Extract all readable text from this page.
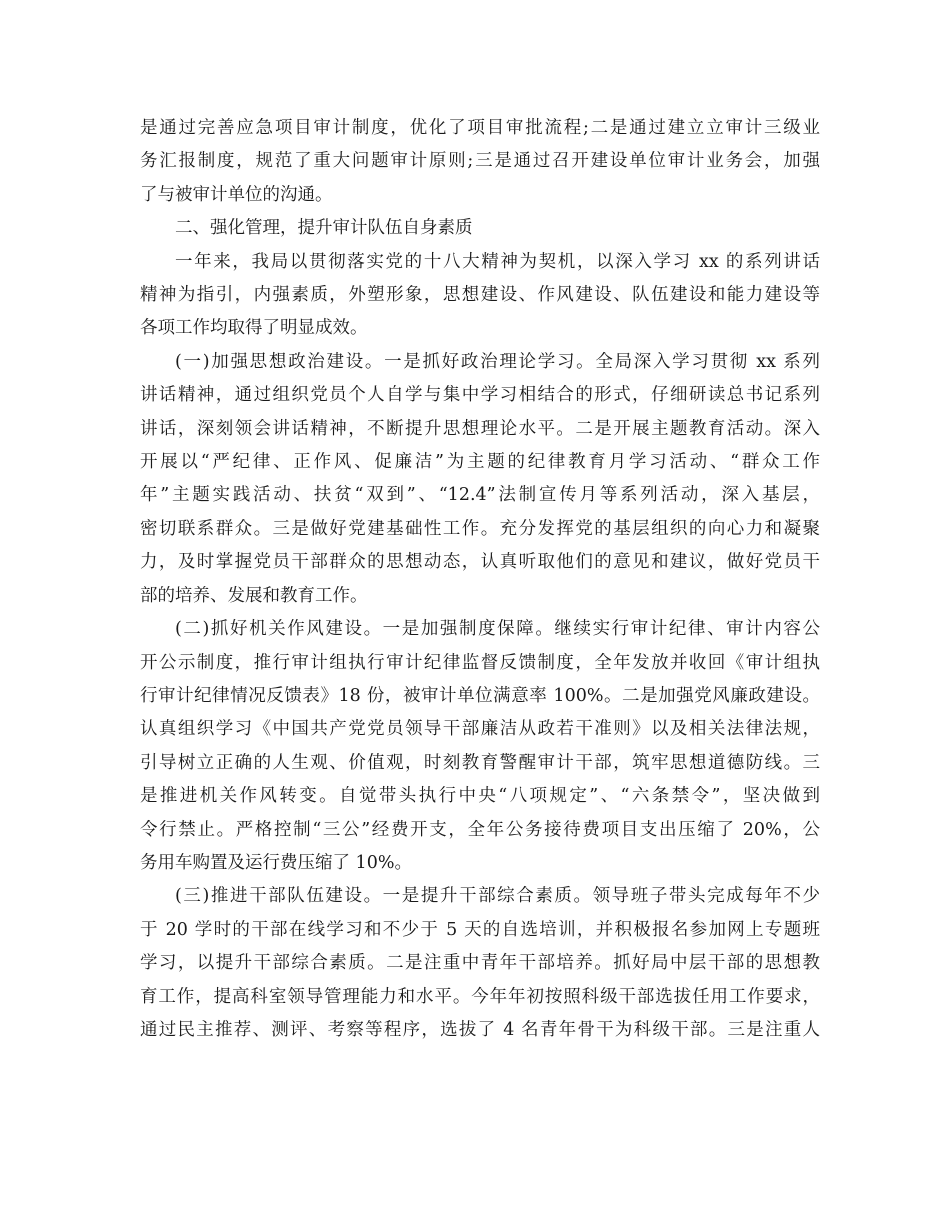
是通过完善应急项目审计制度，优化了项目审批流程;二是通过建立立审计三级业
务汇报制度，规范了重大问题审计原则;三是通过召开建设单位审计业务会，加强
了与被审计单位的沟通。
二、强化管理，提升审计队伍自身素质
一年来，我局以贯彻落实党的十八大精神为契机，以深入学习 xx 的系列讲话
精神为指引，内强素质，外塑形象，思想建设、作风建设、队伍建设和能力建设等
各项工作均取得了明显成效。
(一)加强思想政治建设。一是抓好政治理论学习。全局深入学习贯彻 xx 系列
讲话精神，通过组织党员个人自学与集中学习相结合的形式，仔细研读总书记系列
讲话，深刻领会讲话精神，不断提升思想理论水平。二是开展主题教育活动。深入
开展以“严纪律、正作风、促廉洁”为主题的纪律教育月学习活动、“群众工作
年”主题实践活动、扶贫“双到”、“12.4”法制宣传月等系列活动，深入基层，
密切联系群众。三是做好党建基础性工作。充分发挥党的基层组织的向心力和凝聚
力，及时掌握党员干部群众的思想动态，认真听取他们的意见和建议，做好党员干
部的培养、发展和教育工作。
(二)抓好机关作风建设。一是加强制度保障。继续实行审计纪律、审计内容公
开公示制度，推行审计组执行审计纪律监督反馈制度，全年发放并收回《审计组执
行审计纪律情况反馈表》18 份，被审计单位满意率 100%。二是加强党风廉政建设。
认真组织学习《中国共产党党员领导干部廉洁从政若干准则》以及相关法律法规，
引导树立正确的人生观、价值观，时刻教育警醒审计干部，筑牢思想道德防线。三
是推进机关作风转变。自觉带头执行中央“八项规定”、“六条禁令”，坚决做到
令行禁止。严格控制“三公”经费开支，全年公务接待费项目支出压缩了 20%，公
务用车购置及运行费压缩了 10%。
(三)推进干部队伍建设。一是提升干部综合素质。领导班子带头完成每年不少
于 20 学时的干部在线学习和不少于 5 天的自选培训，并积极报名参加网上专题班
学习，以提升干部综合素质。二是注重中青年干部培养。抓好局中层干部的思想教
育工作，提高科室领导管理能力和水平。今年年初按照科级干部选拔任用工作要求，
通过民主推荐、测评、考察等程序，选拔了 4 名青年骨干为科级干部。三是注重人
